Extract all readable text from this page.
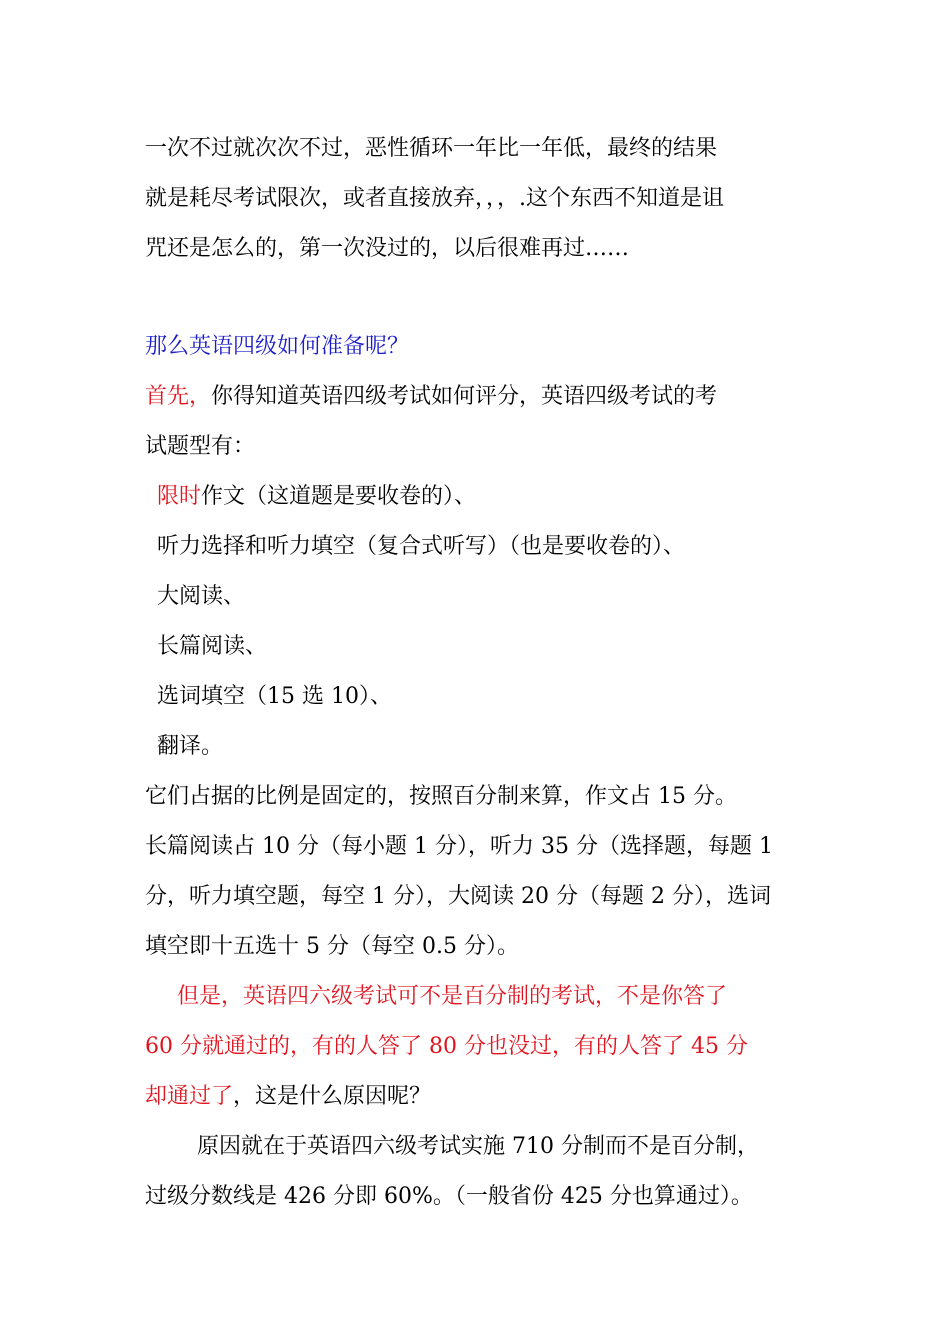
一次不过就次次不过，恶性循环一年比一年低，最终的结果
就是耗尽考试限次，或者直接放弃，，，.这个东西不知道是诅
咒还是怎么的，第一次没过的，以后很难再过……
那么英语四级如何准备呢？
首先，你得知道英语四级考试如何评分，英语四级考试的考
试题型有：
限时作文（这道题是要收卷的）、
听力选择和听力填空（复合式听写）（也是要收卷的）、
大阅读、
长篇阅读、
选词填空（15 选 10）、
翻译。
它们占据的比例是固定的，按照百分制来算，作文占 15 分。
长篇阅读占 10 分（每小题 1 分），听力 35 分（选择题，每题 1
分，听力填空题，每空 1 分），大阅读 20 分（每题 2 分），选词
填空即十五选十 5 分（每空 0.5 分）。
但是，英语四六级考试可不是百分制的考试，不是你答了
60 分就通过的，有的人答了 80 分也没过，有的人答了 45 分
却通过了，这是什么原因呢？
原因就在于英语四六级考试实施 710 分制而不是百分制，
过级分数线是 426 分即 60%。（一般省份 425 分也算通过）。
